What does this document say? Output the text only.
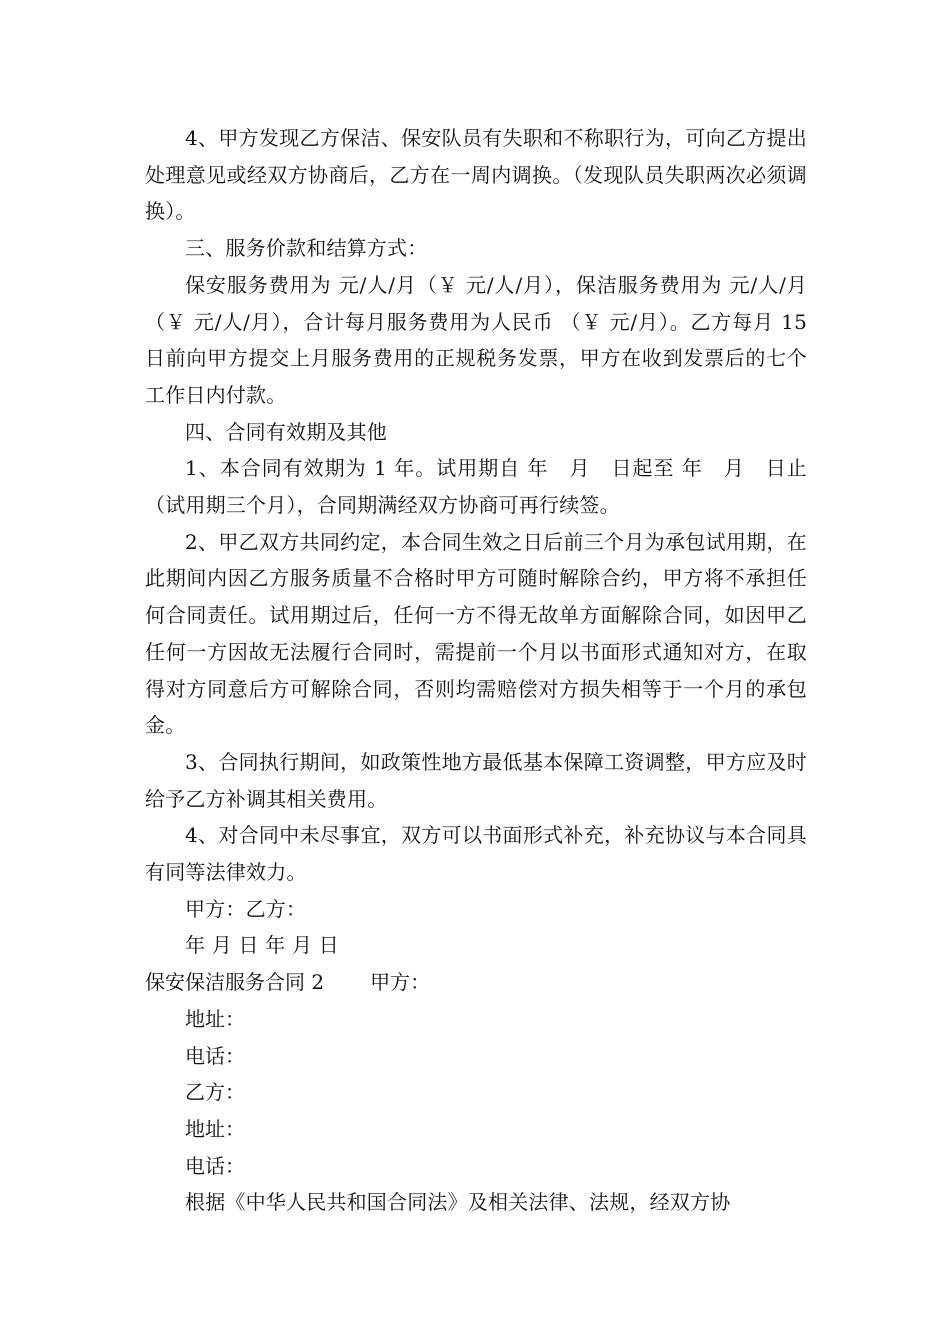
4、甲方发现乙方保洁、保安队员有失职和不称职行为，可向乙方提出处理意见或经双方协商后，乙方在一周内调换。（发现队员失职两次必须调换）。

三、服务价款和结算方式：

保安服务费用为 元/人/月（￥ 元/人/月），保洁服务费用为 元/人/月（￥ 元/人/月），合计每月服务费用为人民币 （￥ 元/月）。乙方每月 15 日前向甲方提交上月服务费用的正规税务发票，甲方在收到发票后的七个工作日内付款。

四、合同有效期及其他

1、本合同有效期为 1 年。试用期自 年　月　日起至 年　月　日止（试用期三个月），合同期满经双方协商可再行续签。

2、甲乙双方共同约定，本合同生效之日后前三个月为承包试用期，在此期间内因乙方服务质量不合格时甲方可随时解除合约，甲方将不承担任何合同责任。试用期过后，任何一方不得无故单方面解除合同，如因甲乙任何一方因故无法履行合同时，需提前一个月以书面形式通知对方，在取得对方同意后方可解除合同，否则均需赔偿对方损失相等于一个月的承包金。

3、合同执行期间，如政策性地方最低基本保障工资调整，甲方应及时给予乙方补调其相关费用。

4、对合同中未尽事宜，双方可以书面形式补充，补充协议与本合同具有同等法律效力。

甲方：乙方：

年 月 日 年 月 日

保安保洁服务合同 2 甲方：

地址：

电话：

乙方：

地址：

电话：

根据《中华人民共和国合同法》及相关法律、法规，经双方协
